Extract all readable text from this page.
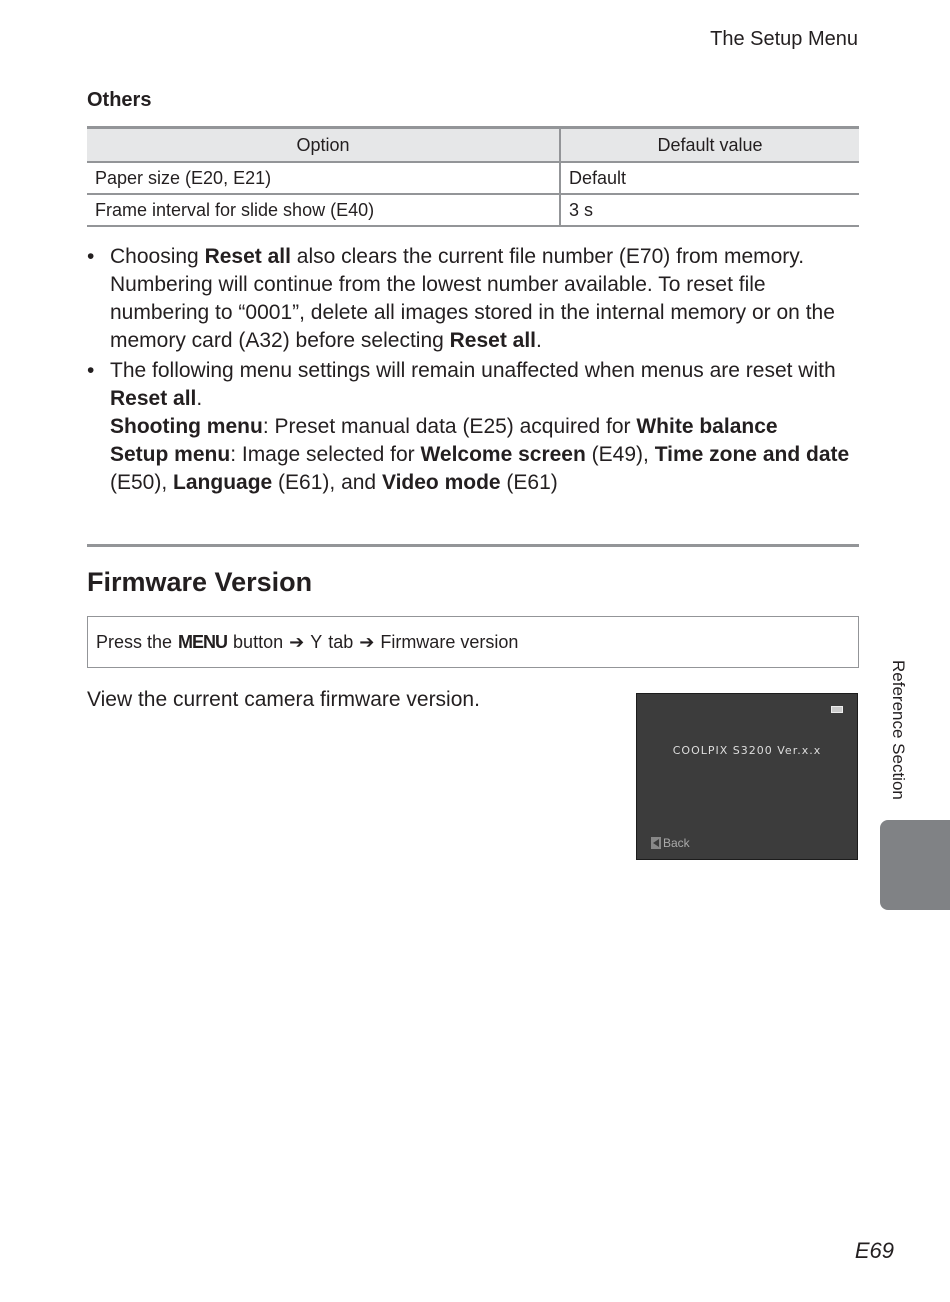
The Setup Menu
Others
Option	Default value
Paper size (E20, E21)	Default
Frame interval for slide show (E40)	3 s
• Choosing Reset all also clears the current file number (E70) from memory. Numbering will continue from the lowest number available. To reset file numbering to “0001”, delete all images stored in the internal memory or on the memory card (A32) before selecting Reset all.
• The following menu settings will remain unaffected when menus are reset with Reset all.
Shooting menu: Preset manual data (E25) acquired for White balance
Setup menu: Image selected for Welcome screen (E49), Time zone and date (E50), Language (E61), and Video mode (E61)
Firmware Version
Press the MENU button ➔ Y tab ➔ Firmware version
View the current camera firmware version.
COOLPIX S3200 Ver.x.x
Back
Reference Section
E69
